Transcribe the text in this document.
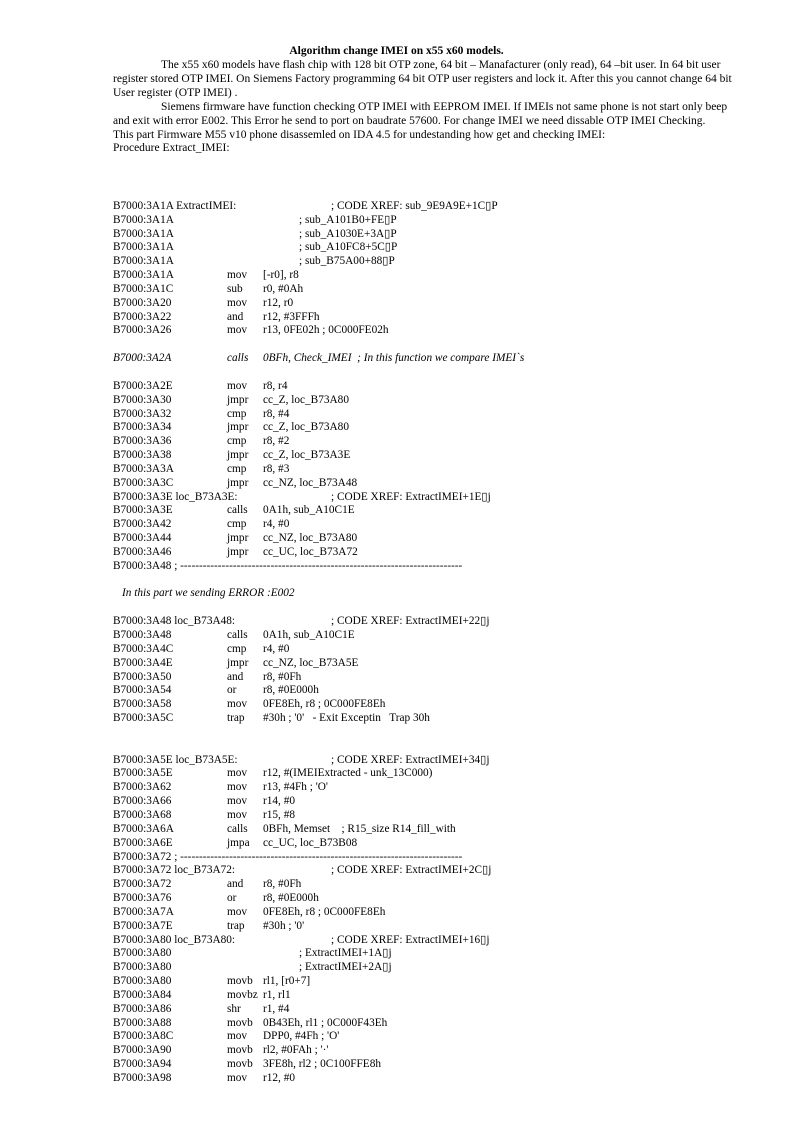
Algorithm change IMEI on x55 x60 models.

The x55 x60 models have flash chip with 128 bit OTP zone, 64 bit – Manafacturer (only read), 64 –bit user. In 64 bit user register stored OTP IMEI. On Siemens Factory programming 64 bit OTP user registers and lock it. After this you cannot change 64 bit User register (OTP IMEI) .

Siemens firmware have function checking OTP IMEI with EEPROM IMEI. If IMEIs not same phone is not start only beep and exit with error E002. This Error he send to port on baudrate 57600. For change IMEI we need dissable OTP IMEI Checking.

This part Firmware M55 v10 phone disassemled on IDA 4.5 for undestanding how get and checking IMEI:

Procedure Extract_IMEI:

B7000:3A1A ExtractIMEI:	; CODE XREF: sub_9E9A9E+1C▯P
B7000:3A1A	; sub_A101B0+FE▯P
B7000:3A1A	; sub_A1030E+3A▯P
B7000:3A1A	; sub_A10FC8+5C▯P
B7000:3A1A	; sub_B75A00+88▯P
B7000:3A1A	mov [-r0], r8
B7000:3A1C	sub r0, #0Ah
B7000:3A20	mov r12, r0
B7000:3A22	and r12, #3FFFh
B7000:3A26	mov r13, 0FE02h ; 0C000FE02h
B7000:3A2A	calls 0BFh, Check_IMEI  ; In this function we compare IMEI`s
B7000:3A2E	mov r8, r4
B7000:3A30	jmpr cc_Z, loc_B73A80
B7000:3A32	cmp r8, #4
B7000:3A34	jmpr cc_Z, loc_B73A80
B7000:3A36	cmp r8, #2
B7000:3A38	jmpr cc_Z, loc_B73A3E
B7000:3A3A	cmp r8, #3
B7000:3A3C	jmpr cc_NZ, loc_B73A48
B7000:3A3E loc_B73A3E:	; CODE XREF: ExtractIMEI+1E▯j
B7000:3A3E	calls 0A1h, sub_A10C1E
B7000:3A42	cmp r4, #0
B7000:3A44	jmpr cc_NZ, loc_B73A80
B7000:3A46	jmpr cc_UC, loc_B73A72
B7000:3A48 ; ---------------------------------------------------------------------------
In this part we sending ERROR :E002
B7000:3A48 loc_B73A48:	; CODE XREF: ExtractIMEI+22▯j
B7000:3A48	calls 0A1h, sub_A10C1E
B7000:3A4C	cmp r4, #0
B7000:3A4E	jmpr cc_NZ, loc_B73A5E
B7000:3A50	and r8, #0Fh
B7000:3A54	or r8, #0E000h
B7000:3A58	mov 0FE8Eh, r8 ; 0C000FE8Eh
B7000:3A5C	trap #30h ; '0'   - Exit Exceptin   Trap 30h
B7000:3A5E loc_B73A5E:	; CODE XREF: ExtractIMEI+34▯j
B7000:3A5E	mov r12, #(IMEIExtracted - unk_13C000)
B7000:3A62	mov r13, #4Fh ; 'O'
B7000:3A66	mov r14, #0
B7000:3A68	mov r15, #8
B7000:3A6A	calls 0BFh, Memset    ; R15_size R14_fill_with
B7000:3A6E	jmpa cc_UC, loc_B73B08
B7000:3A72 ; ---------------------------------------------------------------------------
B7000:3A72 loc_B73A72:	; CODE XREF: ExtractIMEI+2C▯j
B7000:3A72	and r8, #0Fh
B7000:3A76	or r8, #0E000h
B7000:3A7A	mov 0FE8Eh, r8 ; 0C000FE8Eh
B7000:3A7E	trap #30h ; '0'
B7000:3A80 loc_B73A80:	; CODE XREF: ExtractIMEI+16▯j
B7000:3A80	; ExtractIMEI+1A▯j
B7000:3A80	; ExtractIMEI+2A▯j
B7000:3A80	movb rl1, [r0+7]
B7000:3A84	movbz r1, rl1
B7000:3A86	shr r1, #4
B7000:3A88	movb 0B43Eh, rl1 ; 0C000F43Eh
B7000:3A8C	mov DPP0, #4Fh ; 'O'
B7000:3A90	movb rl2, #0FAh ; '·'
B7000:3A94	movb 3FE8h, rl2 ; 0C100FFE8h
B7000:3A98	mov r12, #0
